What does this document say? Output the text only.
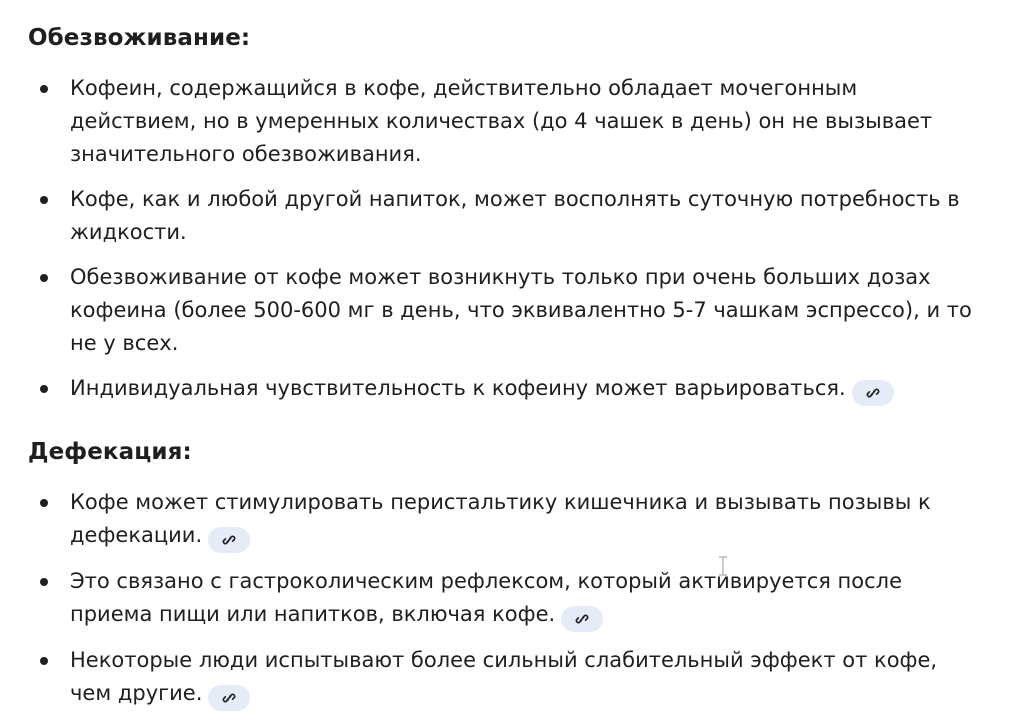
Обезвоживание:
Кофеин, содержащийся в кофе, действительно обладает мочегонным действием, но в умеренных количествах (до 4 чашек в день) он не вызывает значительного обезвоживания.
Кофе, как и любой другой напиток, может восполнять суточную потребность в жидкости.
Обезвоживание от кофе может возникнуть только при очень больших дозах кофеина (более 500-600 мг в день, что эквивалентно 5-7 чашкам эспрессо), и то не у всех.
Индивидуальная чувствительность к кофеину может варьироваться.
Дефекация:
Кофе может стимулировать перистальтику кишечника и вызывать позывы к дефекации.
Это связано с гастроколическим рефлексом, который активируется после приема пищи или напитков, включая кофе.
Некоторые люди испытывают более сильный слабительный эффект от кофе, чем другие.
